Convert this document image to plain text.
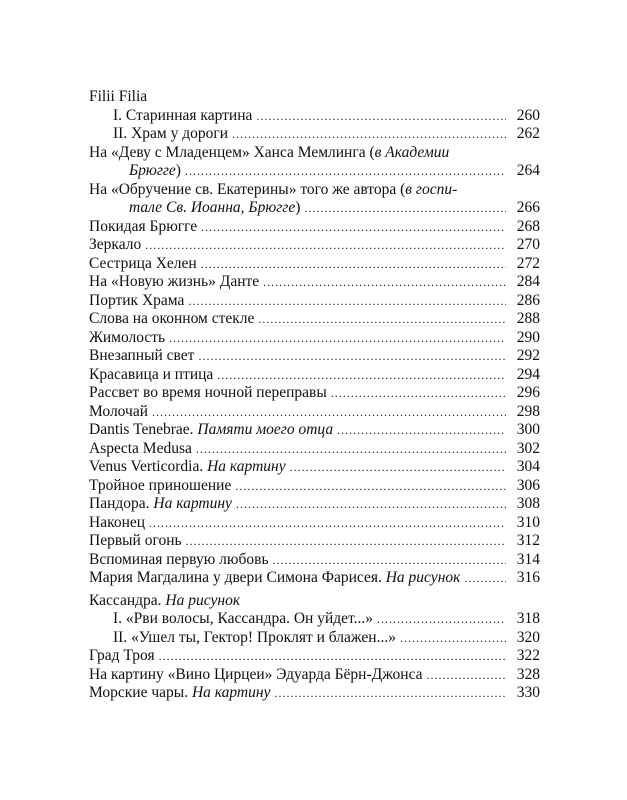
Filii Filia
I. Старинная картина .....	260
II. Храм у дороги .....	262
На «Деву с Младенцем» Ханса Мемлинга (в Академии
Брюгге) .....	264
На «Обручение св. Екатерины» того же автора (в госпи-
тале Св. Иоанна, Брюгге) .....	266
Покидая Брюгге .....	268
Зеркало .....	270
Сестрица Хелен .....	272
На «Новую жизнь» Данте .....	284
Портик Храма .....	286
Слова на оконном стекле .....	288
Жимолость .....	290
Внезапный свет .....	292
Красавица и птица .....	294
Рассвет во время ночной переправы .....	296
Молочай .....	298
Dantis Tenebrae. Памяти моего отца .....	300
Aspecta Medusa .....	302
Venus Verticordia. На картину .....	304
Тройное приношение .....	306
Пандора. На картину .....	308
Наконец .....	310
Первый огонь .....	312
Вспоминая первую любовь .....	314
Мария Магдалина у двери Симона Фарисея. На рисунок .....	316
Кассандра. На рисунок
I. «Рви волосы, Кассандра. Он уйдет...» .....	318
II. «Ушел ты, Гектор! Проклят и блажен...» .....	320
Град Троя .....	322
На картину «Вино Цирцеи» Эдуарда Бёрн-Джонса .....	328
Морские чары. На картину .....	330
